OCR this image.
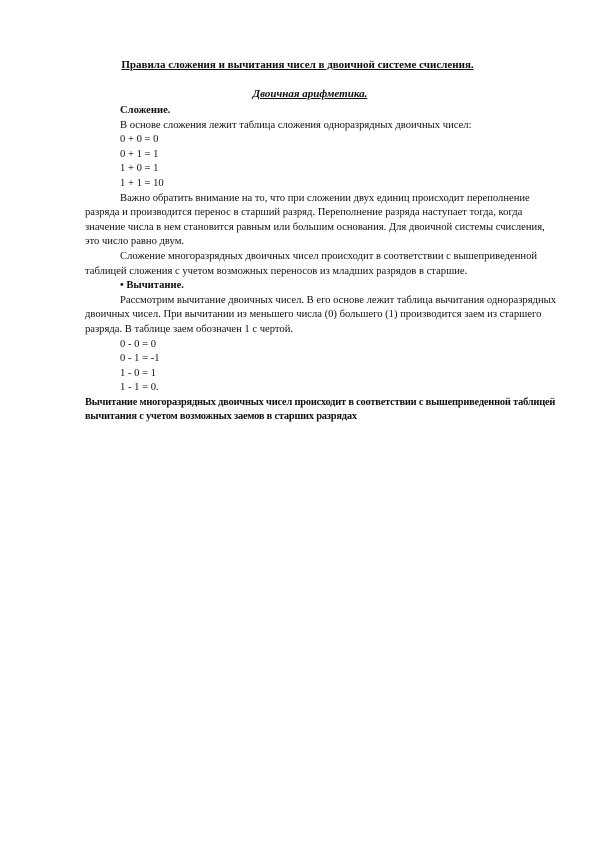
Правила сложения и вычитания чисел в двоичной системе счисления.
Двоичная арифметика.

Сложение.

В основе сложения лежит таблица сложения одноразрядных двоичных чисел:

0 + 0 = 0

0 + 1 = 1

1 + 0 = 1

1 + 1 = 10

Важно обратить внимание на то, что при сложении двух единиц происходит переполнение разряда и производится перенос в старший разряд. Переполнение разряда наступает тогда, когда значение числа в нем становится равным или большим основания. Для двоичной системы счисления, это число равно двум.

Сложение многоразрядных двоичных чисел происходит в соответствии с вышеприведенной таблицей сложения с учетом возможных переносов из младших разрядов в старшие.

• Вычитание.

Рассмотрим вычитание двоичных чисел. В его основе лежит таблица вычитания одноразрядных двоичных чисел. При вычитании из меньшего числа (0) большего (1) производится заем из старшего разряда. В таблице заем обозначен 1 с чертой.

0 - 0 = 0

0 - 1 = -1

1 - 0 = 1

1 - 1 = 0.

Вычитание многоразрядных двоичных чисел происходит в соответствии с вышеприведенной таблицей вычитания с учетом возможных заемов в старших разрядах
